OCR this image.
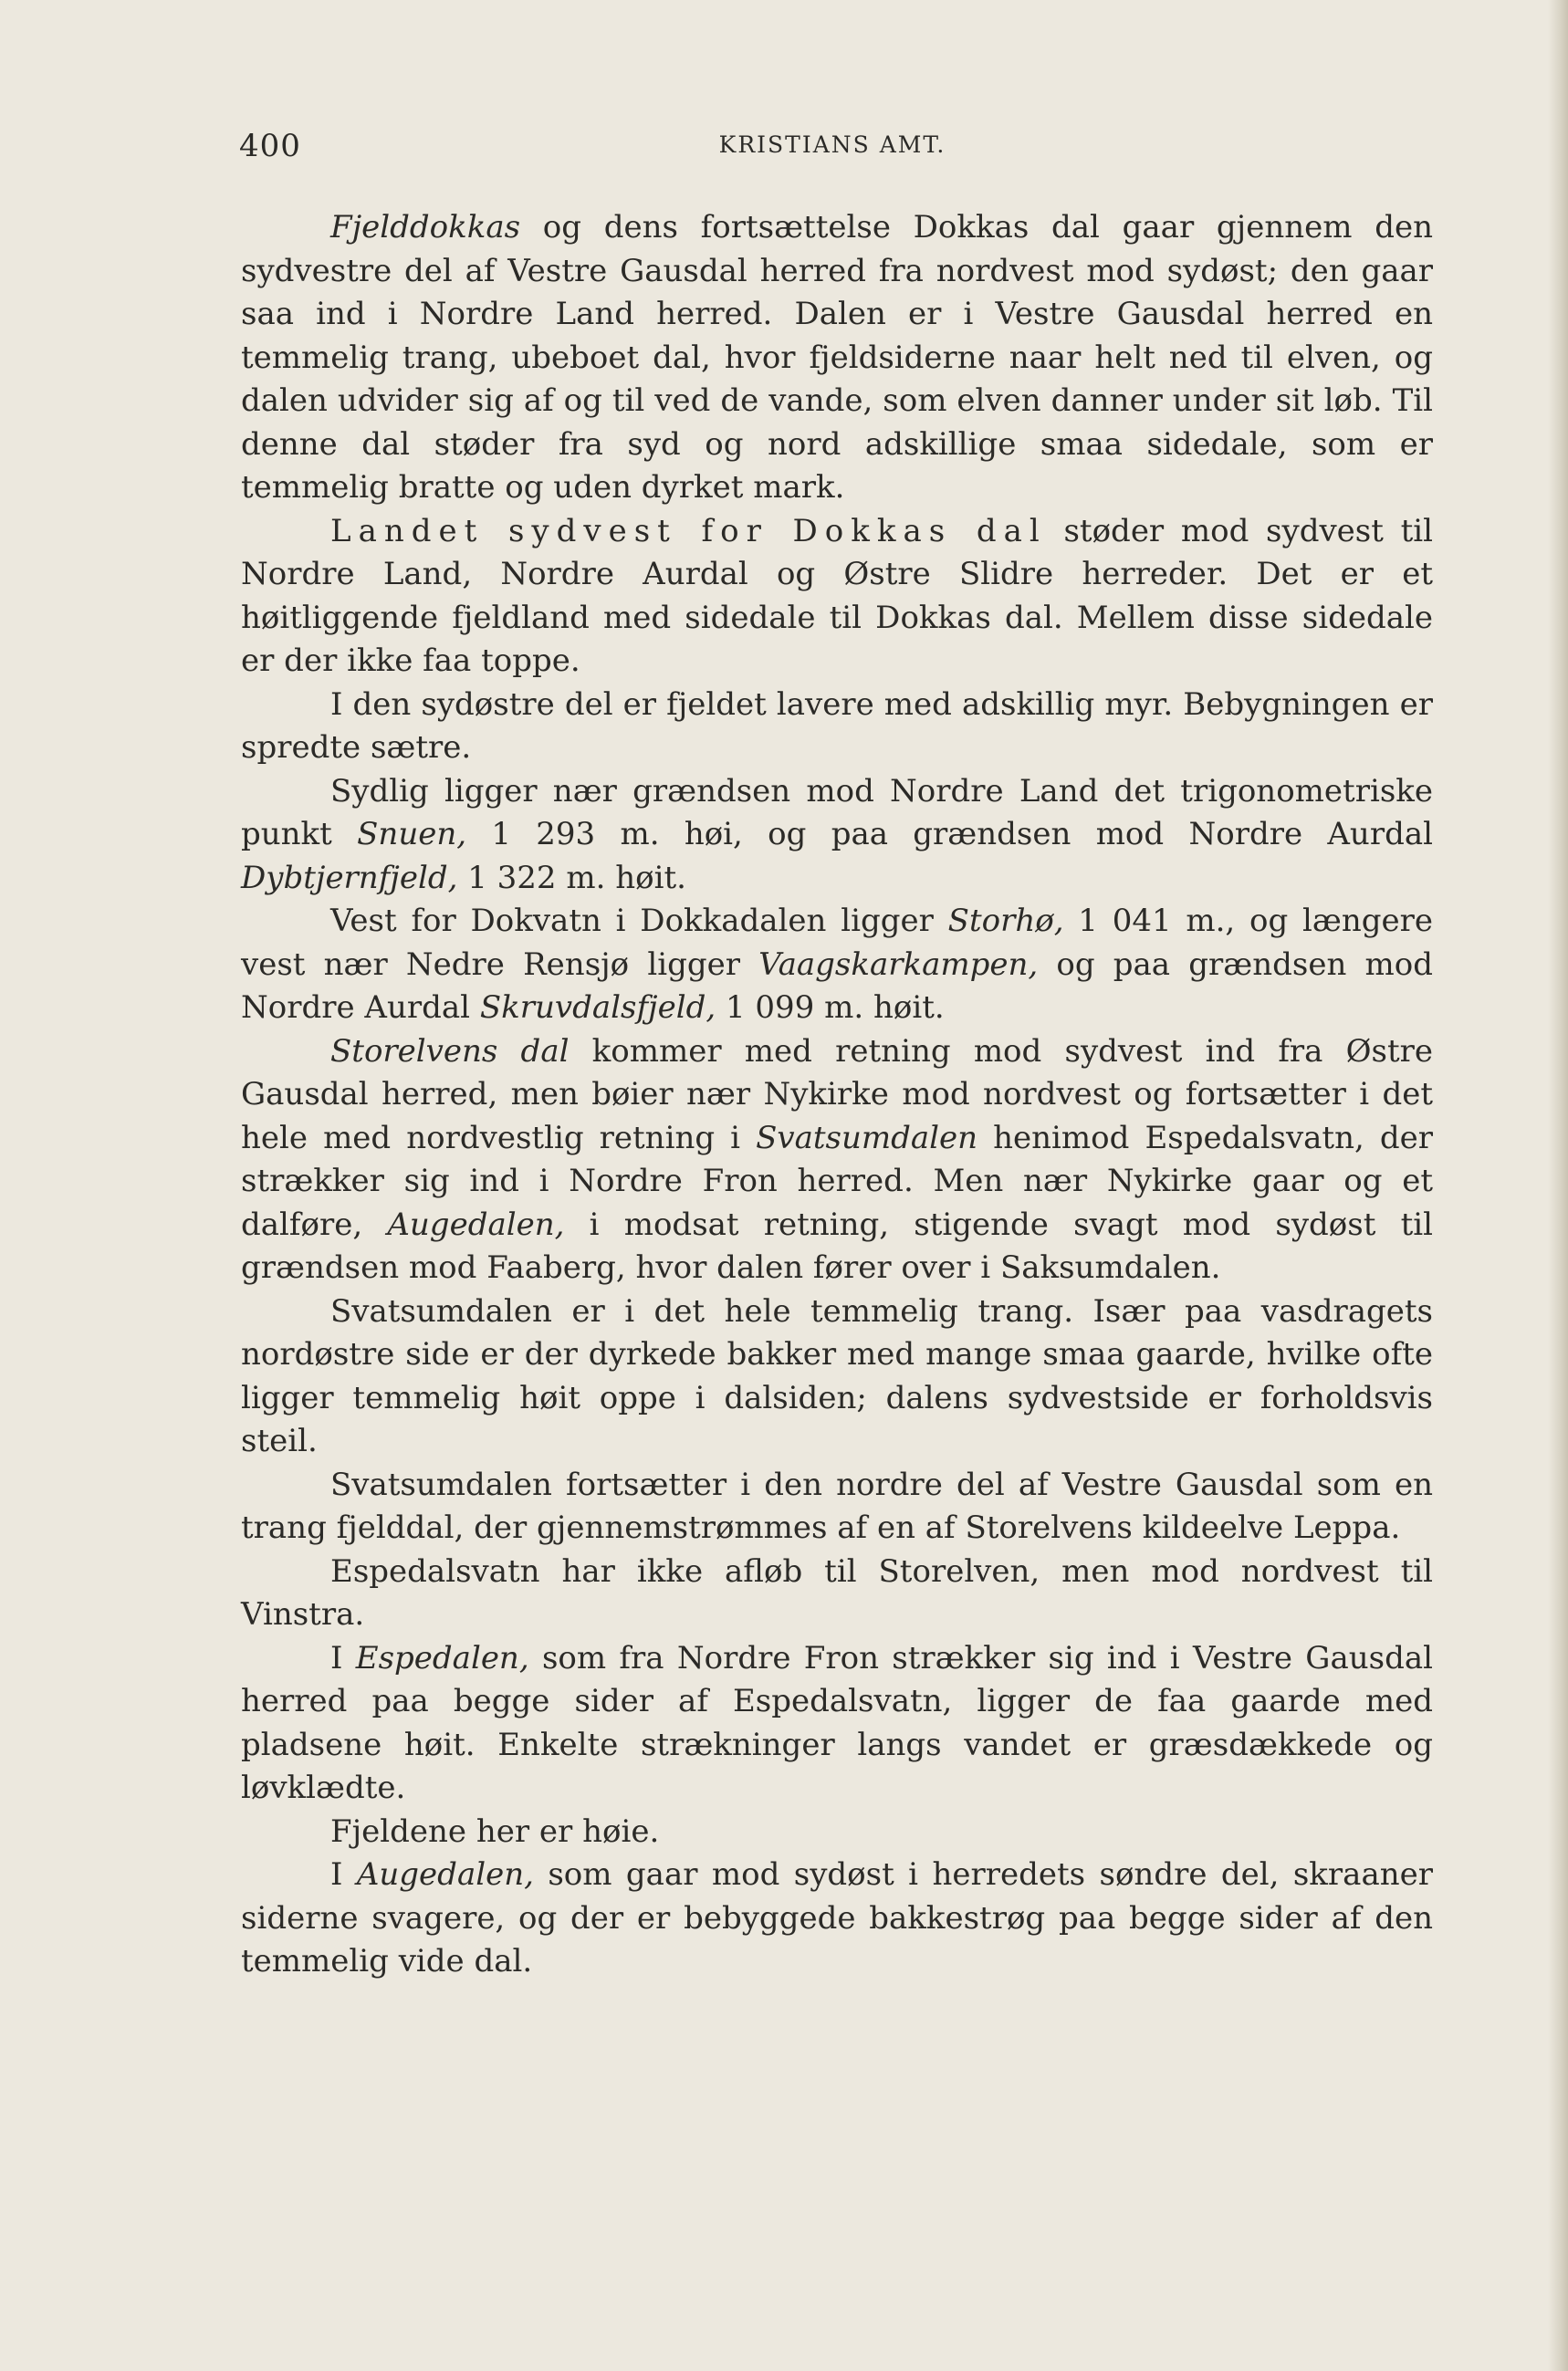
400	KRISTIANS AMT.

Fjelddokkas og dens fortsættelse Dokkas dal gaar gjennem den sydvestre del af Vestre Gausdal herred fra nordvest mod sydøst; den gaar saa ind i Nordre Land herred. Dalen er i Vestre Gausdal herred en temmelig trang, ubeboet dal, hvor fjeldsiderne naar helt ned til elven, og dalen udvider sig af og til ved de vande, som elven danner under sit løb. Til denne dal støder fra syd og nord adskillige smaa sidedale, som er temmelig bratte og uden dyrket mark.

Landet sydvest for Dokkas dal støder mod sydvest til Nordre Land, Nordre Aurdal og Østre Slidre herreder. Det er et høitliggende fjeldland med sidedale til Dokkas dal. Mellem disse sidedale er der ikke faa toppe.

I den sydøstre del er fjeldet lavere med adskillig myr. Bebygningen er spredte sætre.

Sydlig ligger nær grændsen mod Nordre Land det trigonometriske punkt Snuen, 1 293 m. høi, og paa grændsen mod Nordre Aurdal Dybtjernfjeld, 1 322 m. høit.

Vest for Dokvatn i Dokkadalen ligger Storhø, 1 041 m., og længere vest nær Nedre Rensjø ligger Vaagskarkampen, og paa grændsen mod Nordre Aurdal Skruvdalsfjeld, 1 099 m. høit.

Storelvens dal kommer med retning mod sydvest ind fra Østre Gausdal herred, men bøier nær Nykirke mod nordvest og fortsætter i det hele med nordvestlig retning i Svatsumdalen henimod Espedalsvatn, der strækker sig ind i Nordre Fron herred. Men nær Nykirke gaar og et dalføre, Augedalen, i modsat retning, stigende svagt mod sydøst til grændsen mod Faaberg, hvor dalen fører over i Saksumdalen.

Svatsumdalen er i det hele temmelig trang. Især paa vasdragets nordøstre side er der dyrkede bakker med mange smaa gaarde, hvilke ofte ligger temmelig høit oppe i dalsiden; dalens sydvestside er forholdsvis steil.

Svatsumdalen fortsætter i den nordre del af Vestre Gausdal som en trang fjelddal, der gjennemstrømmes af en af Storelvens kildeelve Leppa.

Espedalsvatn har ikke afløb til Storelven, men mod nordvest til Vinstra.

I Espedalen, som fra Nordre Fron strækker sig ind i Vestre Gausdal herred paa begge sider af Espedalsvatn, ligger de faa gaarde med pladsene høit. Enkelte strækninger langs vandet er græsdækkede og løvklædte.

Fjeldene her er høie.

I Augedalen, som gaar mod sydøst i herredets søndre del, skraaner siderne svagere, og der er bebyggede bakkestrøg paa begge sider af den temmelig vide dal.
